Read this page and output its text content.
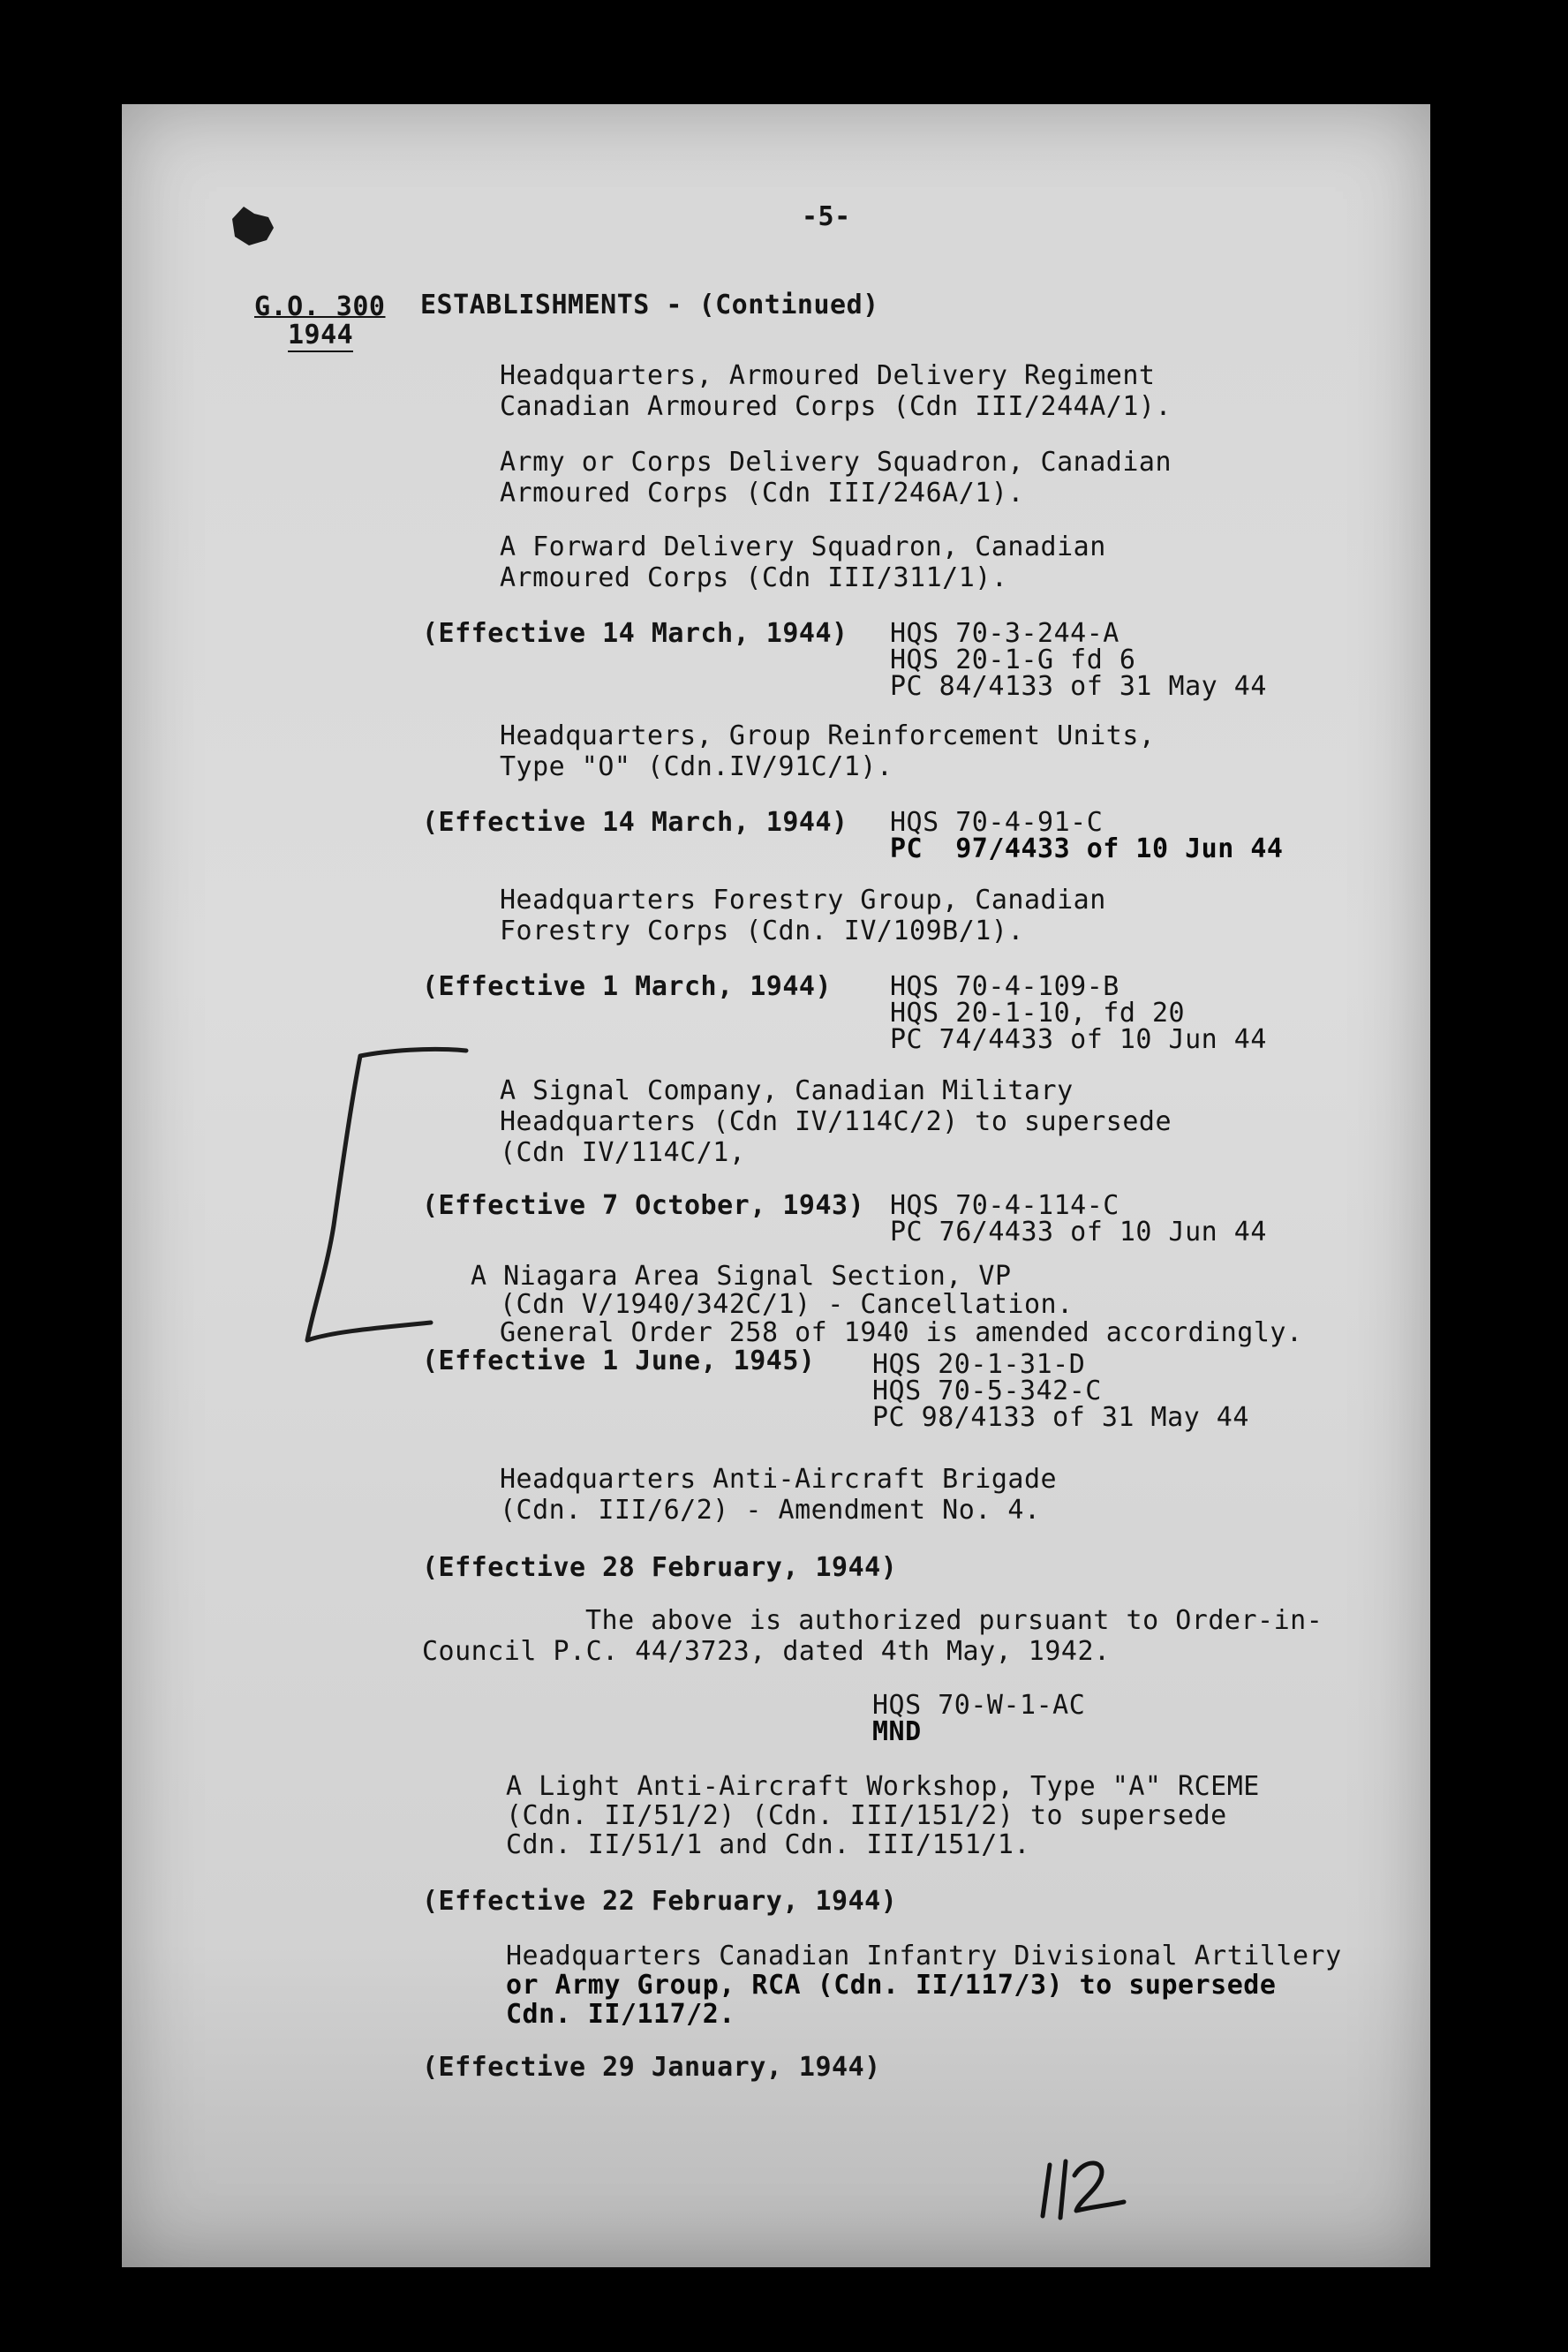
-5-
G.O. 300
1944
ESTABLISHMENTS - (Continued)
Headquarters, Armoured Delivery Regiment
Canadian Armoured Corps (Cdn III/244A/1).
Army or Corps Delivery Squadron, Canadian
Armoured Corps (Cdn III/246A/1).
A Forward Delivery Squadron, Canadian
Armoured Corps (Cdn III/311/1).
(Effective 14 March, 1944) HQS 70-3-244-A
HQS 20-1-G fd 6
PC 84/4133 of 31 May 44
Headquarters, Group Reinforcement Units,
Type "O" (Cdn.IV/91C/1).
(Effective 14 March, 1944) HQS 70-4-91-C
PC  97/4433 of 10 Jun 44
Headquarters Forestry Group, Canadian
Forestry Corps (Cdn. IV/109B/1).
(Effective 1 March, 1944) HQS 70-4-109-B
HQS 20-1-10, fd 20
PC 74/4433 of 10 Jun 44
A Signal Company, Canadian Military
Headquarters (Cdn IV/114C/2) to supersede
(Cdn IV/114C/1,
(Effective 7 October, 1943) HQS 70-4-114-C
PC 76/4433 of 10 Jun 44
A Niagara Area Signal Section, VP
(Cdn V/1940/342C/1) - Cancellation.
General Order 258 of 1940 is amended accordingly.
(Effective 1 June, 1945) HQS 20-1-31-D
HQS 70-5-342-C
PC 98/4133 of 31 May 44
Headquarters Anti-Aircraft Brigade
(Cdn. III/6/2) - Amendment No. 4.
(Effective 28 February, 1944)
The above is authorized pursuant to Order-in-
Council P.C. 44/3723, dated 4th May, 1942.
HQS 70-W-1-AC
MND
A Light Anti-Aircraft Workshop, Type "A" RCEME
(Cdn. II/51/2) (Cdn. III/151/2) to supersede
Cdn. II/51/1 and Cdn. III/151/1.
(Effective 22 February, 1944)
Headquarters Canadian Infantry Divisional Artillery
or Army Group, RCA (Cdn. II/117/3) to supersede
Cdn. II/117/2.
(Effective 29 January, 1944)
